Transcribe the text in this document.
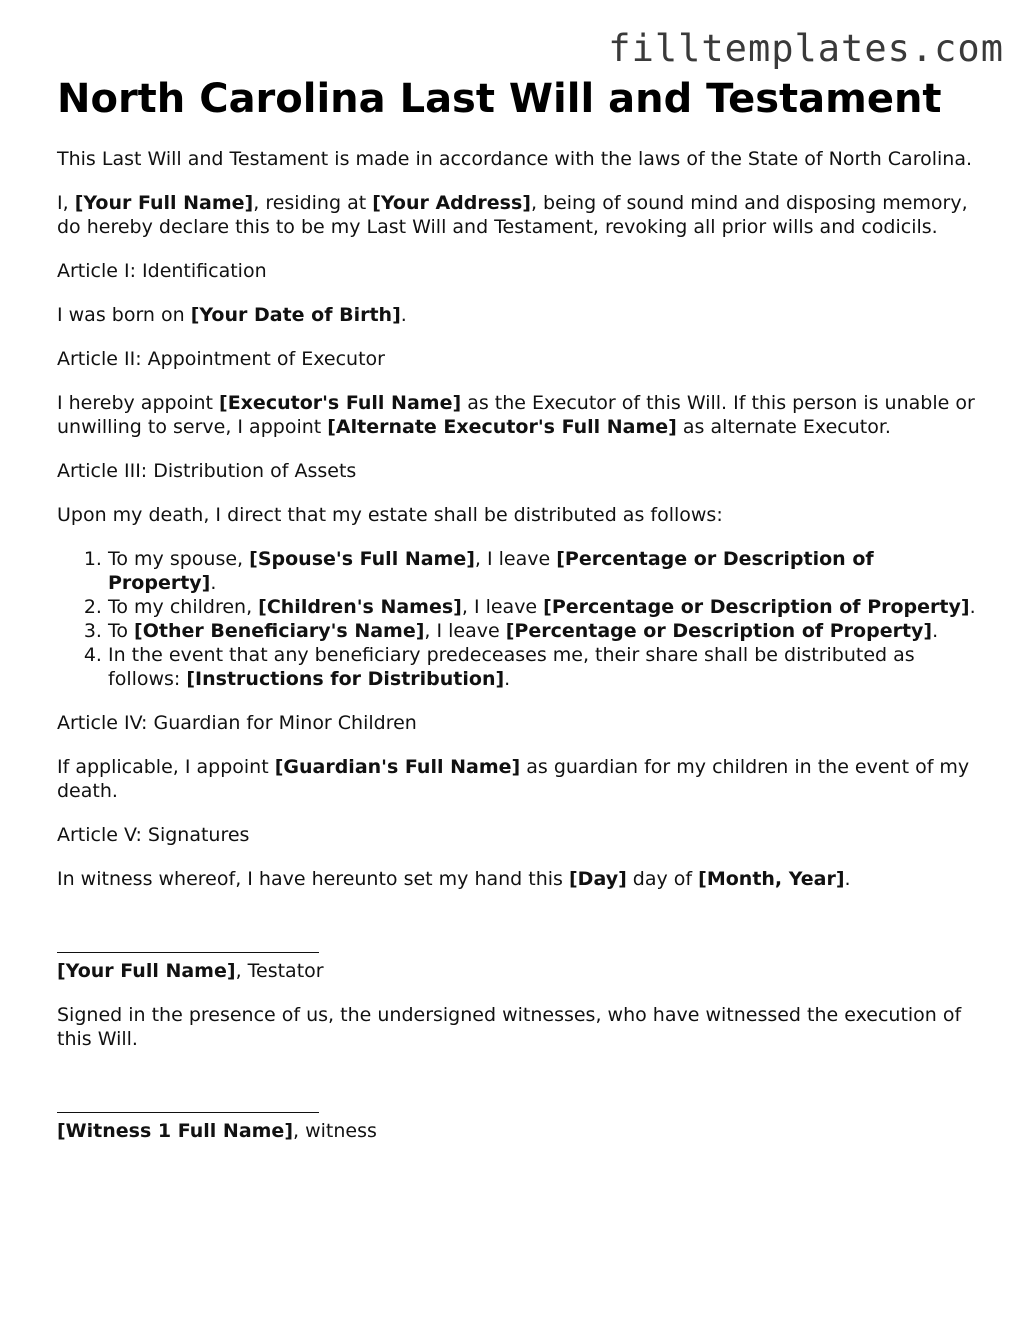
filltemplates.com
North Carolina Last Will and Testament

This Last Will and Testament is made in accordance with the laws of the State of North Carolina.

I, [Your Full Name], residing at [Your Address], being of sound mind and disposing memory, do hereby declare this to be my Last Will and Testament, revoking all prior wills and codicils.

Article I: Identification

I was born on [Your Date of Birth].

Article II: Appointment of Executor

I hereby appoint [Executor's Full Name] as the Executor of this Will. If this person is unable or unwilling to serve, I appoint [Alternate Executor's Full Name] as alternate Executor.

Article III: Distribution of Assets

Upon my death, I direct that my estate shall be distributed as follows:

1. To my spouse, [Spouse's Full Name], I leave [Percentage or Description of Property].
2. To my children, [Children's Names], I leave [Percentage or Description of Property].
3. To [Other Beneficiary's Name], I leave [Percentage or Description of Property].
4. In the event that any beneficiary predeceases me, their share shall be distributed as follows: [Instructions for Distribution].

Article IV: Guardian for Minor Children

If applicable, I appoint [Guardian's Full Name] as guardian for my children in the event of my death.

Article V: Signatures

In witness whereof, I have hereunto set my hand this [Day] day of [Month, Year].

[Your Full Name], Testator

Signed in the presence of us, the undersigned witnesses, who have witnessed the execution of this Will.

[Witness 1 Full Name], witness
